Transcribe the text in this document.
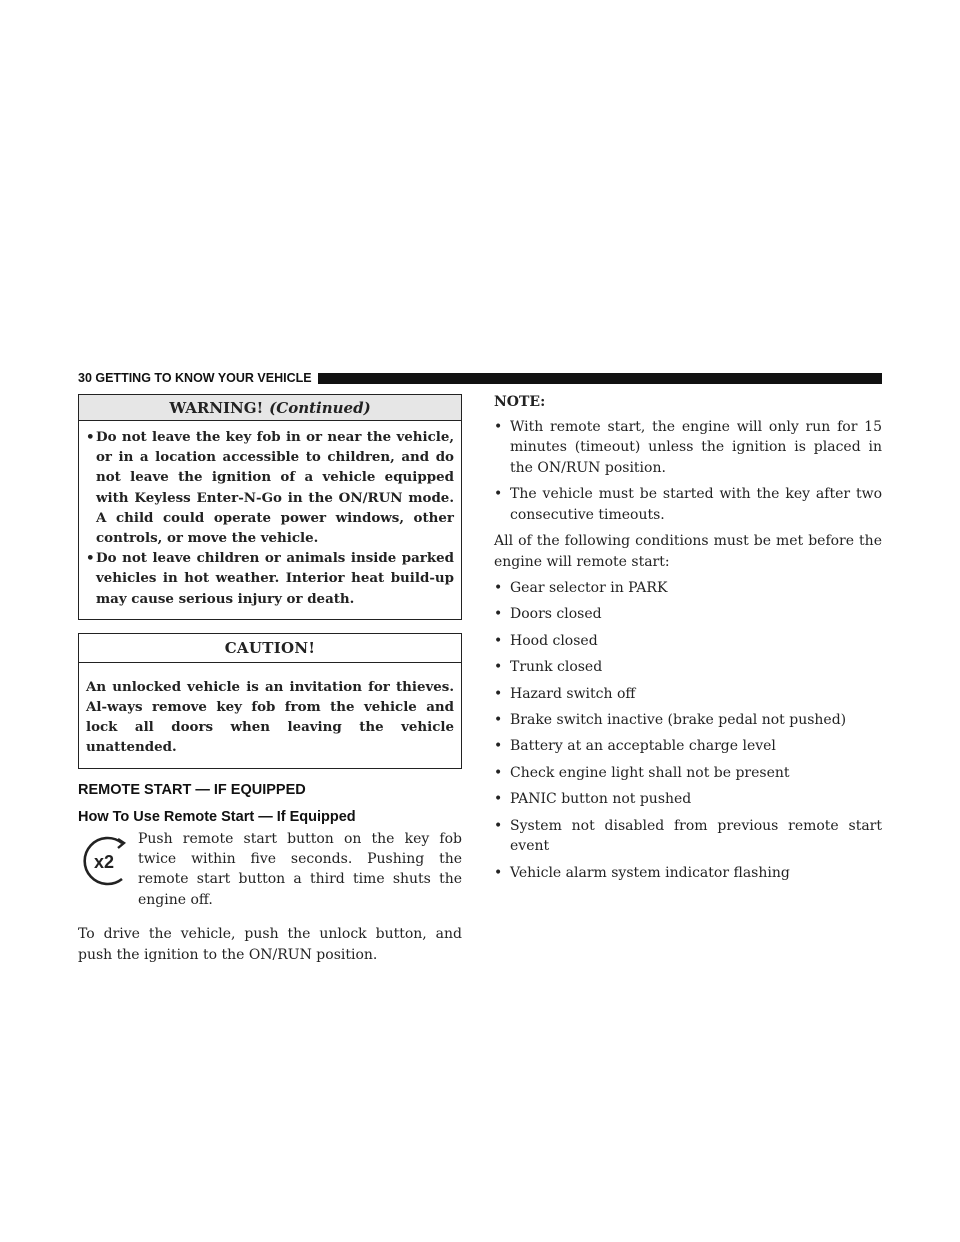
30 GETTING TO KNOW YOUR VEHICLE
WARNING! (Continued)
• Do not leave the key fob in or near the vehicle, or in a location accessible to children, and do not leave the ignition of a vehicle equipped with Keyless Enter-N-Go in the ON/RUN mode. A child could operate power windows, other controls, or move the vehicle.
• Do not leave children or animals inside parked vehicles in hot weather. Interior heat build-up may cause serious injury or death.
CAUTION!
An unlocked vehicle is an invitation for thieves. Al-ways remove key fob from the vehicle and lock all doors when leaving the vehicle unattended.
REMOTE START — IF EQUIPPED
How To Use Remote Start — If Equipped
x2
Push remote start button on the key fob twice within five seconds. Pushing the remote start button a third time shuts the engine off.
To drive the vehicle, push the unlock button, and push the ignition to the ON/RUN position.
NOTE:
• With remote start, the engine will only run for 15 minutes (timeout) unless the ignition is placed in the ON/RUN position.
• The vehicle must be started with the key after two consecutive timeouts.
All of the following conditions must be met before the engine will remote start:
• Gear selector in PARK
• Doors closed
• Hood closed
• Trunk closed
• Hazard switch off
• Brake switch inactive (brake pedal not pushed)
• Battery at an acceptable charge level
• Check engine light shall not be present
• PANIC button not pushed
• System not disabled from previous remote start event
• Vehicle alarm system indicator flashing
